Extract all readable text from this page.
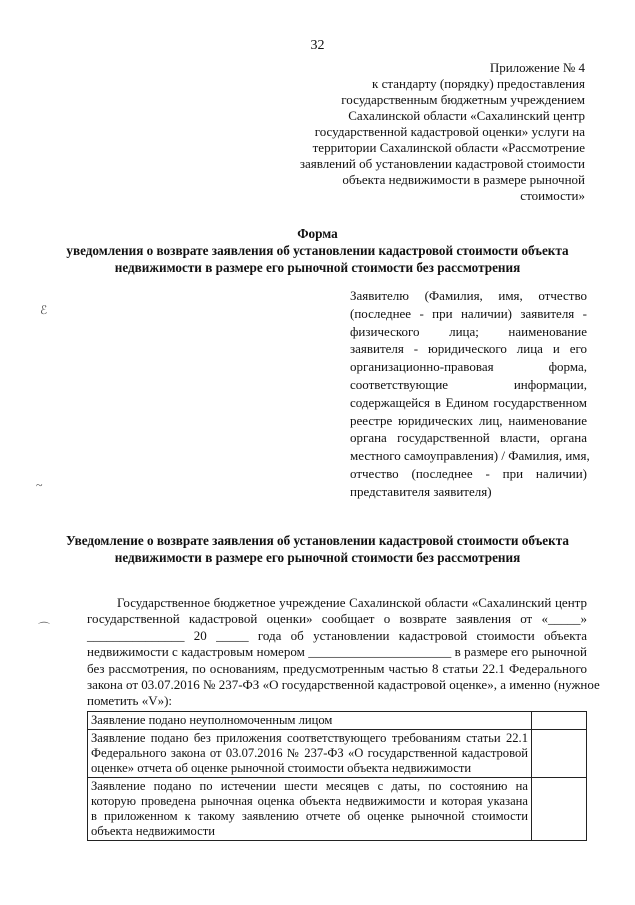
32
Приложение № 4
к стандарту (порядку) предоставления
государственным бюджетным учреждением
Сахалинской области «Сахалинский центр
государственной кадастровой оценки» услуги на
территории Сахалинской области «Рассмотрение
заявлений об установлении кадастровой стоимости
объекта недвижимости в размере рыночной
стоимости»
Форма
уведомления о возврате заявления об установлении кадастровой стоимости объекта
недвижимости в размере его рыночной стоимости без рассмотрения
Заявителю (Фамилия, имя, отчество
(последнее - при наличии) заявителя -
физического лица; наименование
заявителя - юридического лица и его
организационно-правовая форма,
соответствующие информации,
содержащейся в Едином государственном
реестре юридических лиц, наименование
органа государственной власти, органа
местного самоуправления) / Фамилия, имя,
отчество (последнее - при наличии)
представителя заявителя)
Уведомление о возврате заявления об установлении кадастровой стоимости объекта
недвижимости в размере его рыночной стоимости без рассмотрения
Государственное бюджетное учреждение Сахалинской области «Сахалинский центр
государственной кадастровой оценки» сообщает о возврате заявления от «_____»
_______________ 20 _____ года об установлении кадастровой стоимости объекта
недвижимости с кадастровым номером ______________________ в размере его рыночной
без рассмотрения, по основаниям, предусмотренным частью 8 статьи 22.1 Федерального
закона от 03.07.2016 № 237-ФЗ «О государственной кадастровой оценке», а именно (нужное
пометить «V»):
Заявление подано неуполномоченным лицом	

Заявление подано без приложения соответствующего требованиям статьи 22.1
Федерального закона от 03.07.2016 № 237-ФЗ «О государственной кадастровой
оценке» отчета об оценке рыночной стоимости объекта недвижимости	

Заявление подано по истечении шести месяцев с даты, по состоянию на
которую проведена рыночная оценка объекта недвижимости и которая указана
в приложенном к такому заявлению отчете об оценке рыночной стоимости
объекта недвижимости	

ℰ
~
⌒
